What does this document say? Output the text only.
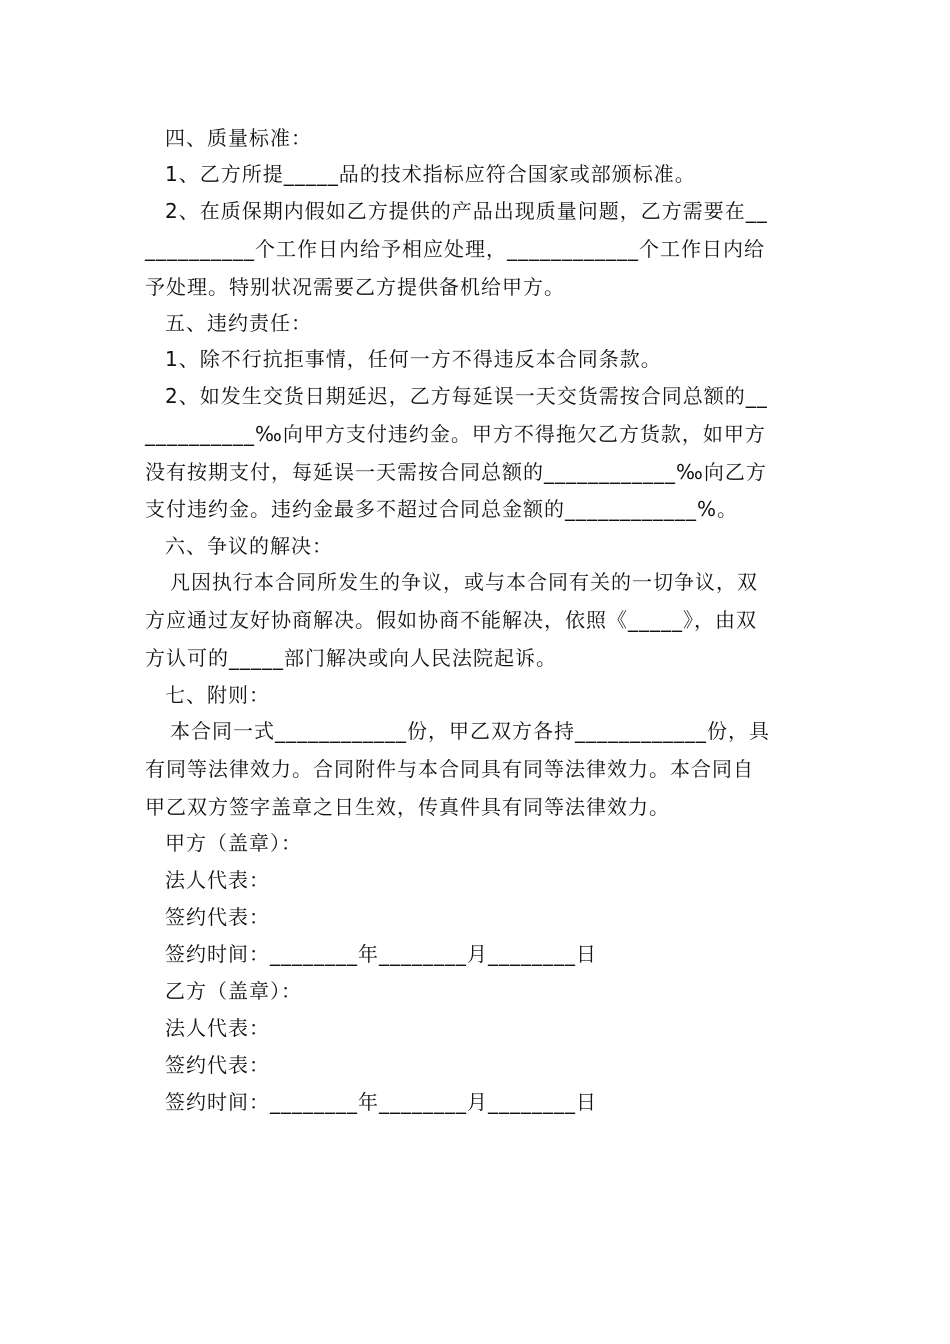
四、质量标准：
1、乙方所提_____品的技术指标应符合国家或部颁标准。
2、在质保期内假如乙方提供的产品出现质量问题，乙方需要在__
__________个工作日内给予相应处理，____________个工作日内给
予处理。特别状况需要乙方提供备机给甲方。
五、违约责任：
1、除不行抗拒事情，任何一方不得违反本合同条款。
2、如发生交货日期延迟，乙方每延误一天交货需按合同总额的__
__________‰向甲方支付违约金。甲方不得拖欠乙方货款，如甲方
没有按期支付，每延误一天需按合同总额的____________‰向乙方
支付违约金。违约金最多不超过合同总金额的____________%。
六、争议的解决：
凡因执行本合同所发生的争议，或与本合同有关的一切争议，双
方应通过友好协商解决。假如协商不能解决，依照《_____》，由双
方认可的_____部门解决或向人民法院起诉。
七、附则：
本合同一式____________份，甲乙双方各持____________份，具
有同等法律效力。合同附件与本合同具有同等法律效力。本合同自
甲乙双方签字盖章之日生效，传真件具有同等法律效力。
甲方（盖章）：
法人代表：
签约代表：
签约时间：________年________月________日
乙方（盖章）：
法人代表：
签约代表：
签约时间：________年________月________日
